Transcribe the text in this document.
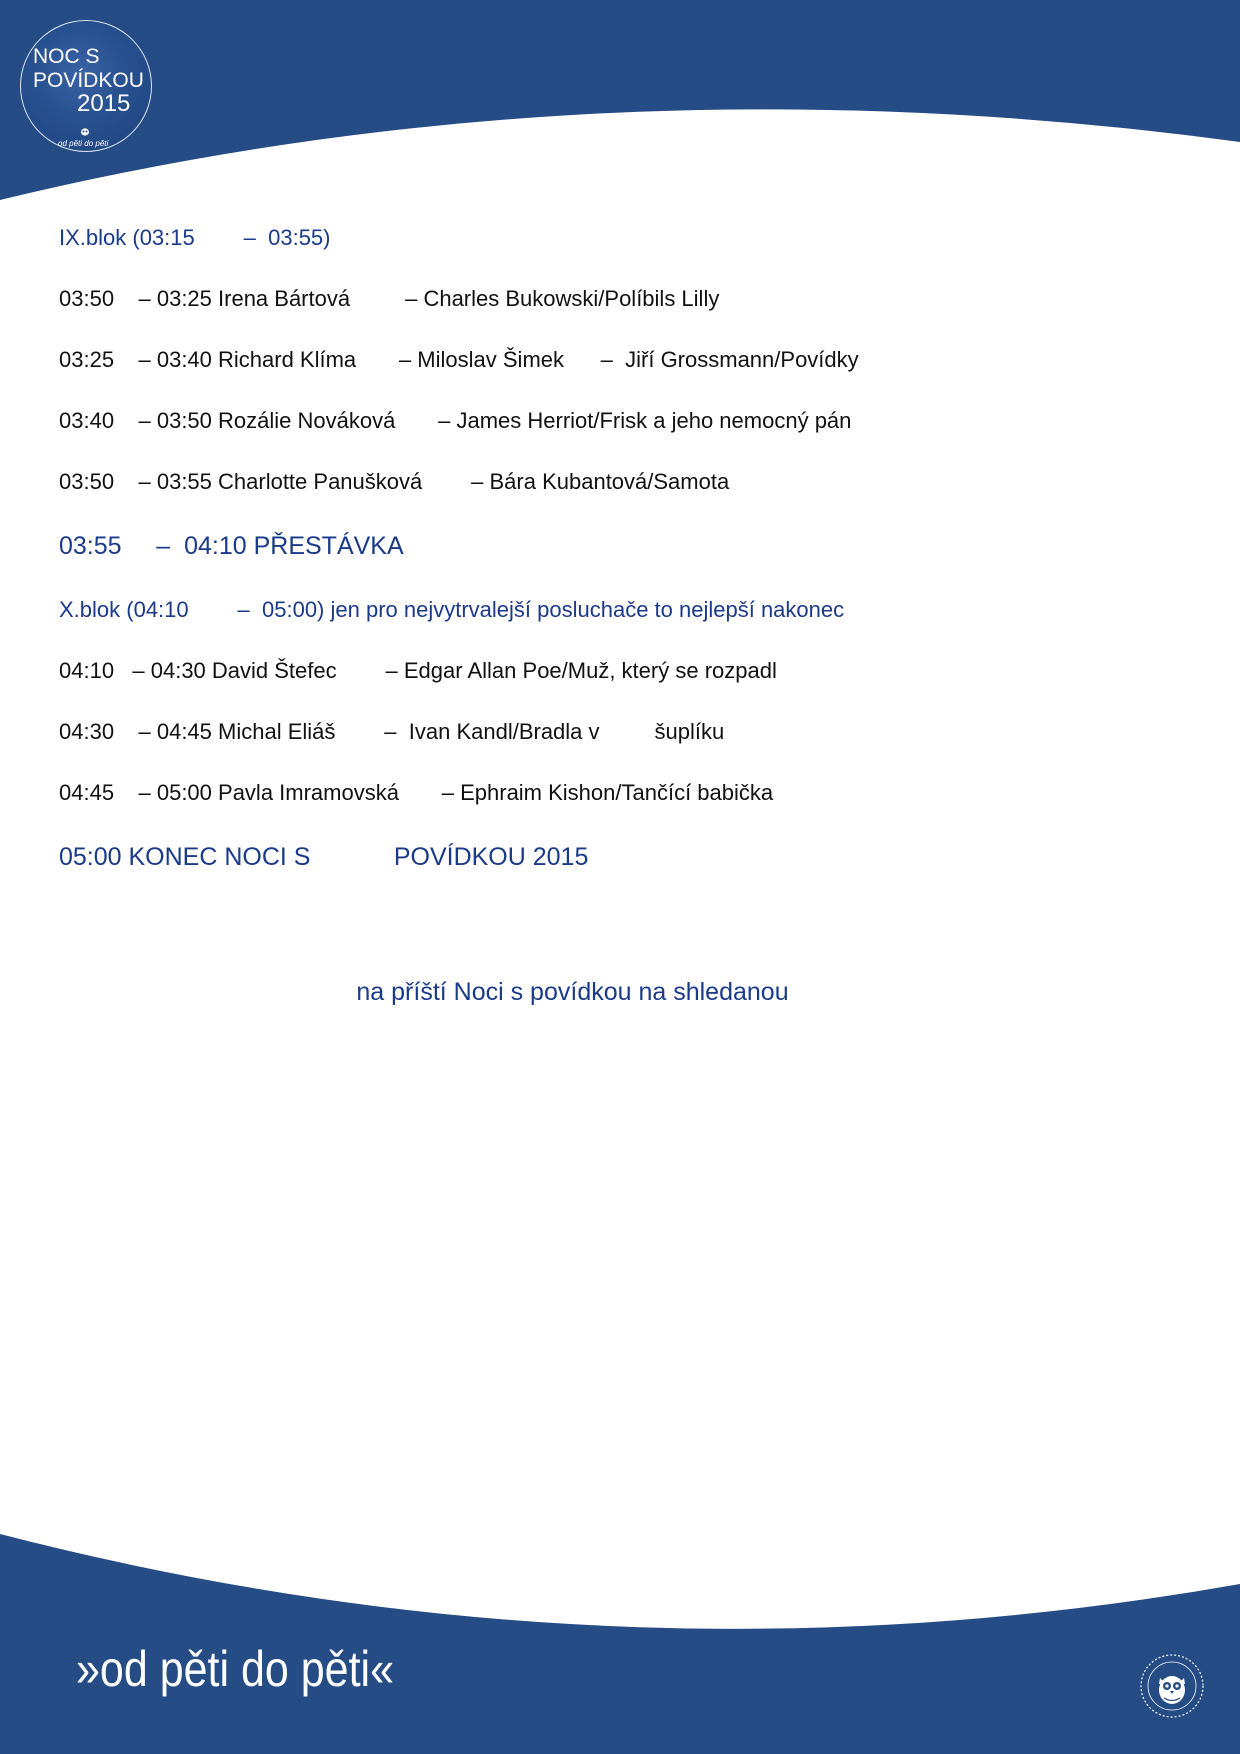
NOC S
POVÍDKOU
2015
od pěti do pěti
IX.blok (03:15        –  03:55)
03:50    – 03:25 Irena Bártová         – Charles Bukowski/Políbils Lilly
03:25    – 03:40 Richard Klíma       – Miloslav Šimek      –  Jiří Grossmann/Povídky
03:40    – 03:50 Rozálie Nováková       – James Herriot/Frisk a jeho nemocný pán
03:50    – 03:55 Charlotte Panušková        – Bára Kubantová/Samota
03:55     –  04:10 PŘESTÁVKA
X.blok (04:10        –  05:00) jen pro nejvytrvalejší posluchače to nejlepší nakonec
04:10   – 04:30 David Štefec        – Edgar Allan Poe/Muž, který se rozpadl
04:30    – 04:45 Michal Eliáš        –  Ivan Kandl/Bradla v         šuplíku
04:45    – 05:00 Pavla Imramovská       – Ephraim Kishon/Tančící babička
05:00 KONEC NOCI S            POVÍDKOU 2015
na příští Noci s povídkou na shledanou
»od pěti do pěti«
